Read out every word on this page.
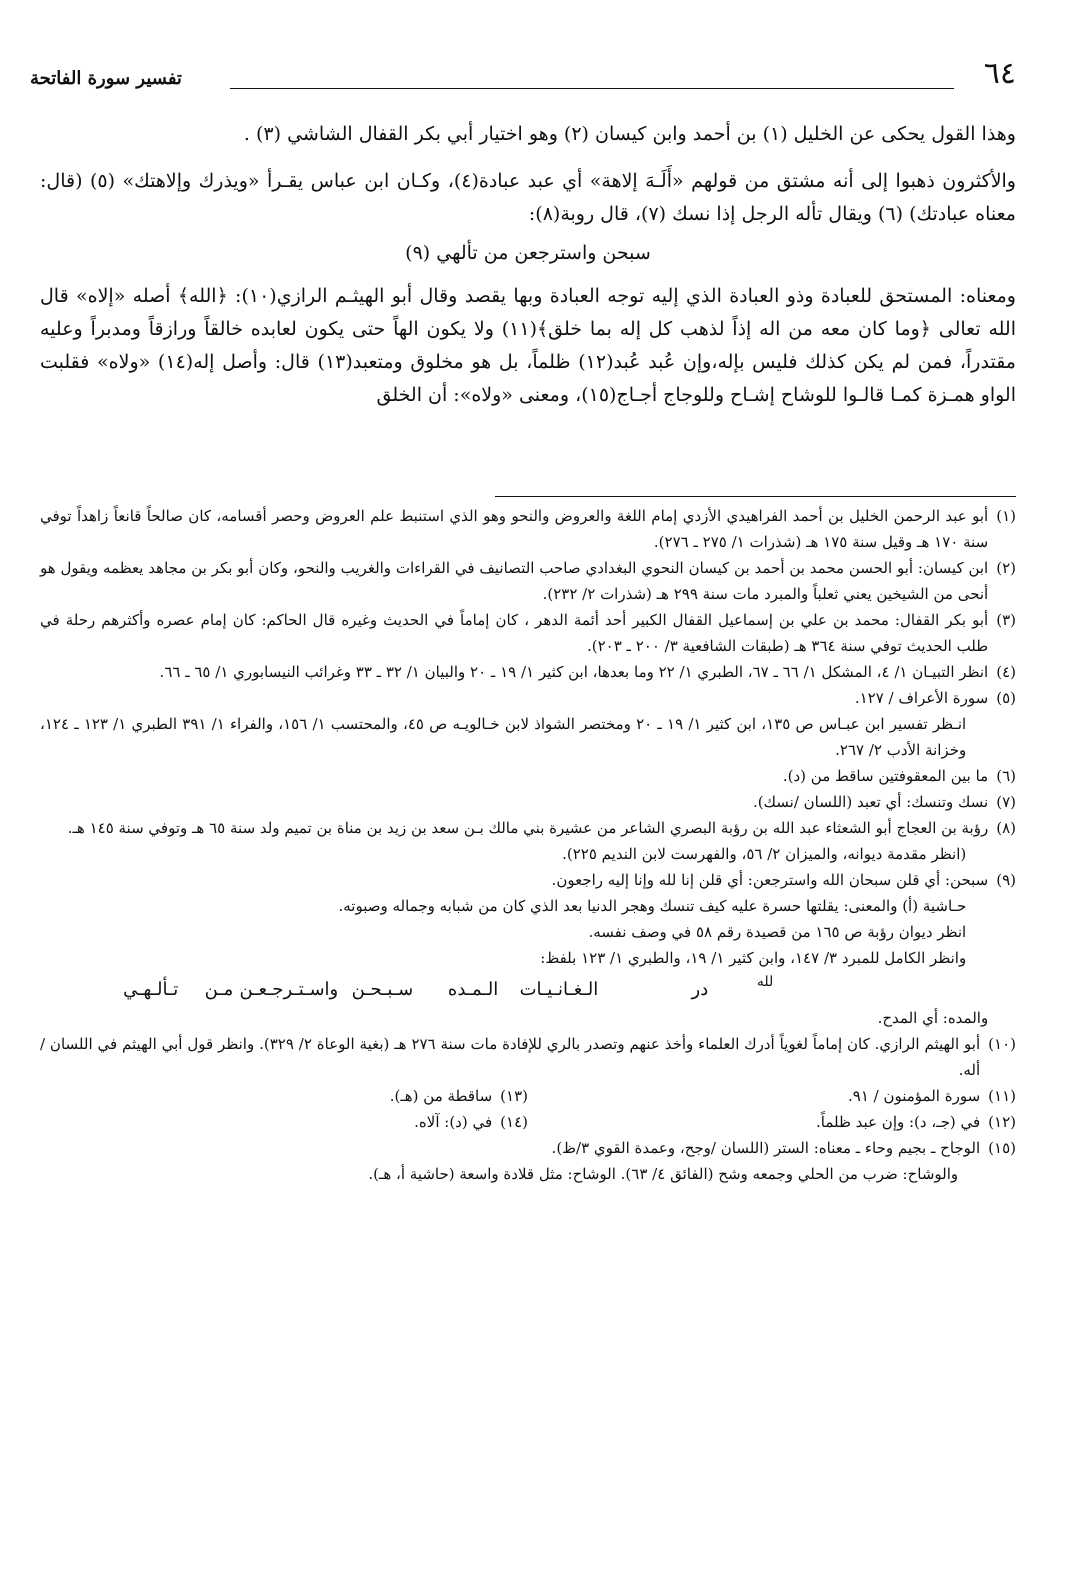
٦٤
تفسير سورة الفاتحة

وهذا القول يحكى عن الخليل (١) بن أحمد وابن كيسان (٢) وهو اختيار أبي بكر القفال الشاشي (٣) .

والأكثرون ذهبوا إلى أنه مشتق من قولهم «أَلَـهَ إلاهة» أي عبد عبادة(٤)، وكـان ابن عباس يقـرأ «ويذرك وإلاهتك» (٥) (قال: معناه عبادتك) (٦) ويقال تأله الرجل إذا نسك (٧)، قال روبة(٨):

سبحن واسترجعن من تألهي (٩)

ومعناه: المستحق للعبادة وذو العبادة الذي إليه توجه العبادة وبها يقصد وقال أبو الهيثـم الرازي(١٠): ﴿الله﴾ أصله «إلاه» قال الله تعالى ﴿وما كان معه من اله إذاً لذهب كل إله بما خلق﴾(١١) ولا يكون الهاً حتى يكون لعابده خالقاً ورازقاً ومدبراً وعليه مقتدراً، فمن لم يكن كذلك فليس بإله،وإن عُبد عُبد(١٢) ظلماً، بل هو مخلوق ومتعبد(١٣) قال: وأصل إله(١٤) «ولاه» فقلبت الواو همـزة كمـا قالـوا للوشاح إشـاح وللوجاج أجـاج(١٥)، ومعنى «ولاه»: أن الخلق

(١)

أبو عبد الرحمن الخليل بن أحمد الفراهيدي الأزدي إمام اللغة والعروض والنحو وهو الذي استنبط علم العروض وحصر أقسامه، كان صالحاً قانعاً زاهداً توفي سنة ١٧٠ هـ وقيل سنة ١٧٥ هـ (شذرات ١/ ٢٧٥ ـ ٢٧٦).

(٢)

ابن كيسان: أبو الحسن محمد بن أحمد بن كيسان النحوي البغدادي صاحب التصانيف في القراءات والغريب والنحو، وكان أبو بكر بن مجاهد يعظمه ويقول هو أنحى من الشيخين يعني ثعلباً والمبرد مات سنة ٢٩٩ هـ (شذرات ٢/ ٢٣٢).

(٣)

أبو بكر القفال: محمد بن علي بن إسماعيل القفال الكبير أحد أئمة الدهر ، كان إماماً في الحديث وغيره قال الحاكم: كان إمام عصره وأكثرهم رحلة في طلب الحديث توفي سنة ٣٦٤ هـ (طبقات الشافعية ٣/ ٢٠٠ ـ ٢٠٣).

(٤)

انظر التبيـان ١/ ٤، المشكل ١/ ٦٦ ـ ٦٧، الطبري ١/ ٢٢ وما بعدها، ابن كثير ١/ ١٩ ـ ٢٠ والبيان ١/ ٣٢ ـ ٣٣ وغرائب النيسابوري ١/ ٦٥ ـ ٦٦.

(٥)

سورة الأعراف / ١٢٧.

انـظر تفسير ابن عبـاس ص ١٣٥، ابن كثير ١/ ١٩ ـ ٢٠ ومختصر الشواذ لابن خـالويـه ص ٤٥، والمحتسب ١/ ١٥٦، والفراء ١/ ٣٩١ الطبري ١/ ١٢٣ ـ ١٢٤، وخزانة الأدب ٢/ ٢٦٧.

(٦)

ما بين المعقوفتين ساقط من (د).

(٧)

نسك وتنسك: أي تعبد (اللسان /نسك).

(٨)

رؤبة بن العجاج أبو الشعثاء عبد الله بن رؤبة البصري الشاعر من عشيرة بني مالك بـن سعد بن زيد بن مناة بن تميم ولد سنة ٦٥ هـ وتوفي سنة ١٤٥ هـ.

(انظر مقدمة ديوانه، والميزان ٢/ ٥٦، والفهرست لابن النديم ٢٢٥).

(٩)

سبحن: أي قلن سبحان الله واسترجعن: أي قلن إنا لله وإنا إليه راجعون.

حـاشية (أ) والمعنى: يقلتها حسرة عليه كيف تنسك وهجر الدنيا بعد الذي كان من شبابه وجماله وصبوته.

انظر ديوان رؤبة ص ١٦٥ من قصيدة رقم ٥٨ في وصف نفسه.

وانظر الكامل للمبرد ٣/ ١٤٧، وابن كثير ١/ ١٩، والطبري ١/ ١٢٣ بلفظ:

لله
در
الـغـانـيـات
الـمـده
سـبـحـن
واسـتـرجـعـن
مـن
تـألـهـي

والمده: أي المدح.

(١٠)

أبو الهيثم الرازي. كان إماماً لغوياً أدرك العلماء وأخذ عنهم وتصدر بالري للإفادة مات سنة ٢٧٦ هـ (بغية الوعاة ٢/ ٣٢٩). وانظر قول أبي الهيثم في اللسان /أله.

(١١)

سورة المؤمنون / ٩١.

(١٢)

في (جـ، د): وإن عبد ظلماً.

(١٣)

ساقطة من (هـ).

(١٤)

في (د): آلاه.

(١٥)

الوجاح ـ بجيم وحاء ـ معناه: الستر (اللسان /وجح، وعمدة القوي ٣/ظ).

والوشاح: ضرب من الحلي وجمعه وشح (الفائق ٤/ ٦٣). الوشاح: مثل قلادة واسعة (حاشية أ، هـ).
